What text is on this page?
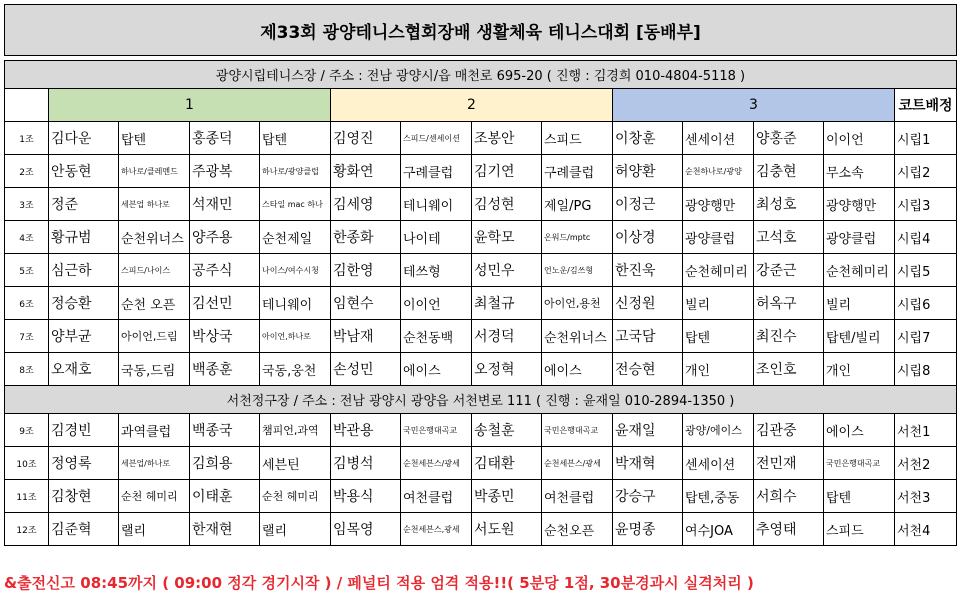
제33회 광양테니스협회장배 생활체육 테니스대회 [동배부]
광양시립테니스장 / 주소 : 전남 광양시/읍 매천로 695-20 ( 진행 : 김경희 010-4804-5118 )													
	1				2				3				코트배정
1조	김다운	탑텐	홍종덕	탑텐	김영진	스피드/센세이션	조봉안	스피드	이창훈	센세이션	양홍준	이이언	시립1
2조	안동현	하나로/클레멘드	주광복	하나로/광양클럽	황화연	구례클럽	김기연	구례클럽	허양환	순천하나로/광양	김충현	무소속	시립2
3조	정준	세븐업 하나로	석재민	스타일 mac 하나	김세영	테니웨이	김성현	제일/PG	이정근	광양행만	최성호	광양행만	시립3
4조	황규범	순천위너스	양주용	순천제일	한종화	나이테	윤학모	온워드/mptc	이상경	광양클럽	고석호	광양클럽	시립4
5조	심근하	스피드/나이스	공주식	나이스/여수시청	김한영	테쓰형	성민우	언노운/김쓰형	한진욱	순천헤미리	강준근	순천헤미리	시립5
6조	정승환	순천 오픈	김선민	테니웨이	임현수	이이언	최철규	아이언,용천	신정원	빌리	허옥구	빌리	시립6
7조	양부균	아이언,드림	박상국	아이언,하나로	박남재	순천동백	서경덕	순천위너스	고국담	탑텐	최진수	탑텐/빌리	시립7
8조	오재호	국동,드림	백종훈	국동,웅천	손성민	에이스	오정혁	에이스	전승현	개인	조인호	개인	시립8
서천정구장 / 주소 : 전남 광양시 광양읍 서천변로 111 ( 진행 : 윤재일 010-2894-1350 )													
9조	김경빈	과역클럽	백종국	챔피언,과역	박관용	국민은행대곡교	송철훈	국민은행대곡교	윤재일	광양/에이스	김관중	에이스	서천1
10조	정영록	세븐업/하나로	김희용	세븐틴	김병석	순천세븐스/광세	김태환	순천세븐스/광세	박재혁	센세이션	전민재	국민은행대곡교	서천2
11조	김창현	순천 헤미리	이태훈	순천 헤미리	박용식	여천클럽	박종민	여천클럽	강승구	탑텐,중동	서희수	탑텐	서천3
12조	김준혁	랠리	한재현	랠리	임목영	순천세븐스,광세	서도원	순천오픈	윤명종	여수JOA	추영태	스피드	서천4
&출전신고 08:45까지 ( 09:00 정각 경기시작 ) / 페널티 적용 엄격 적용!!( 5분당 1점, 30분경과시 실격처리 )
